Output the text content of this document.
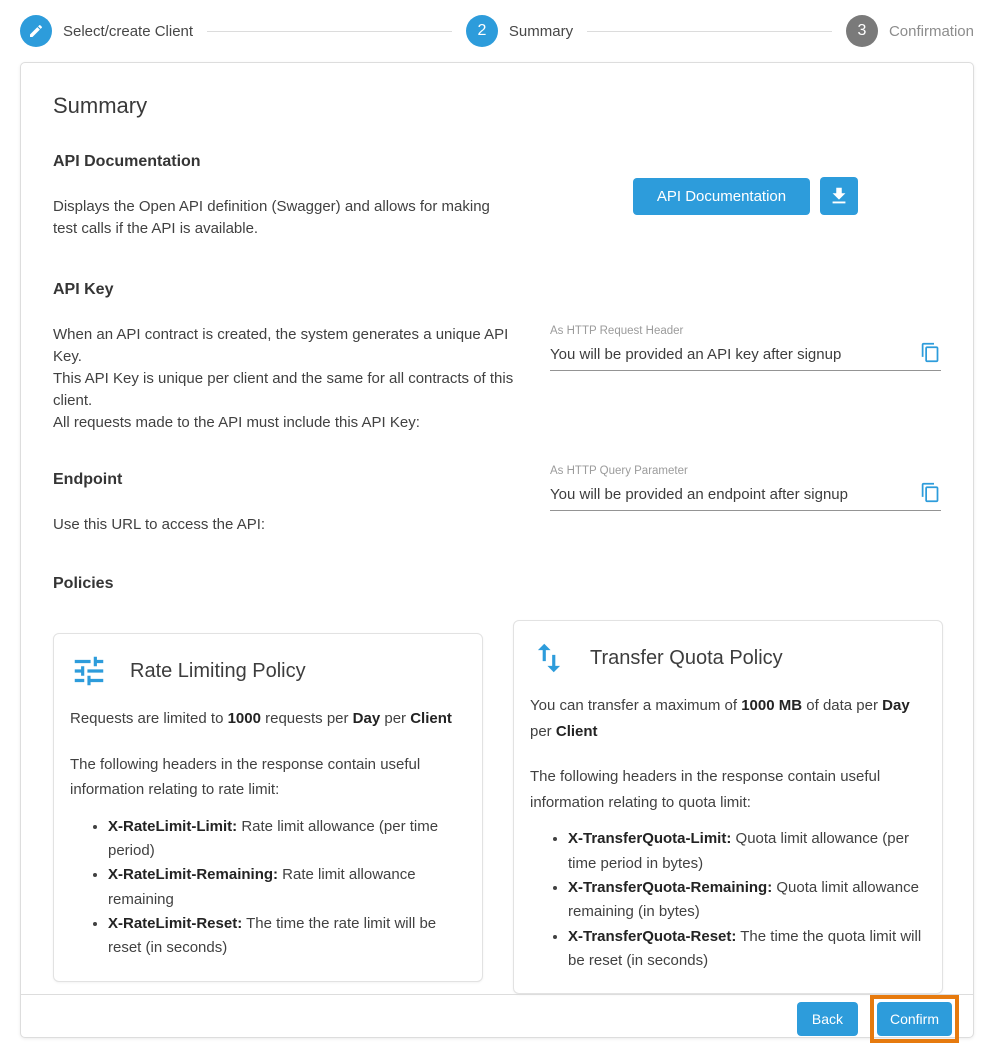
Select/create Client	2 Summary	3 Confirmation
Summary
API Documentation

Displays the Open API definition (Swagger) and allows for making test calls if the API is available.

API Documentation
API Key
When an API contract is created, the system generates a unique API Key.
This API Key is unique per client and the same for all contracts of this client.
All requests made to the API must include this API Key:
As HTTP Request Header
You will be provided an API key after signup
Endpoint

Use this URL to access the API:

As HTTP Query Parameter
You will be provided an endpoint after signup
Policies
Rate Limiting Policy

Requests are limited to 1000 requests per Day per Client

The following headers in the response contain useful information relating to rate limit:

• X-RateLimit-Limit: Rate limit allowance (per time period)
• X-RateLimit-Remaining: Rate limit allowance remaining
• X-RateLimit-Reset: The time the rate limit will be reset (in seconds)
Transfer Quota Policy

You can transfer a maximum of 1000 MB of data per Day per Client

The following headers in the response contain useful information relating to quota limit:

• X-TransferQuota-Limit: Quota limit allowance (per time period in bytes)
• X-TransferQuota-Remaining: Quota limit allowance remaining (in bytes)
• X-TransferQuota-Reset: The time the quota limit will be reset (in seconds)
Back	Confirm
